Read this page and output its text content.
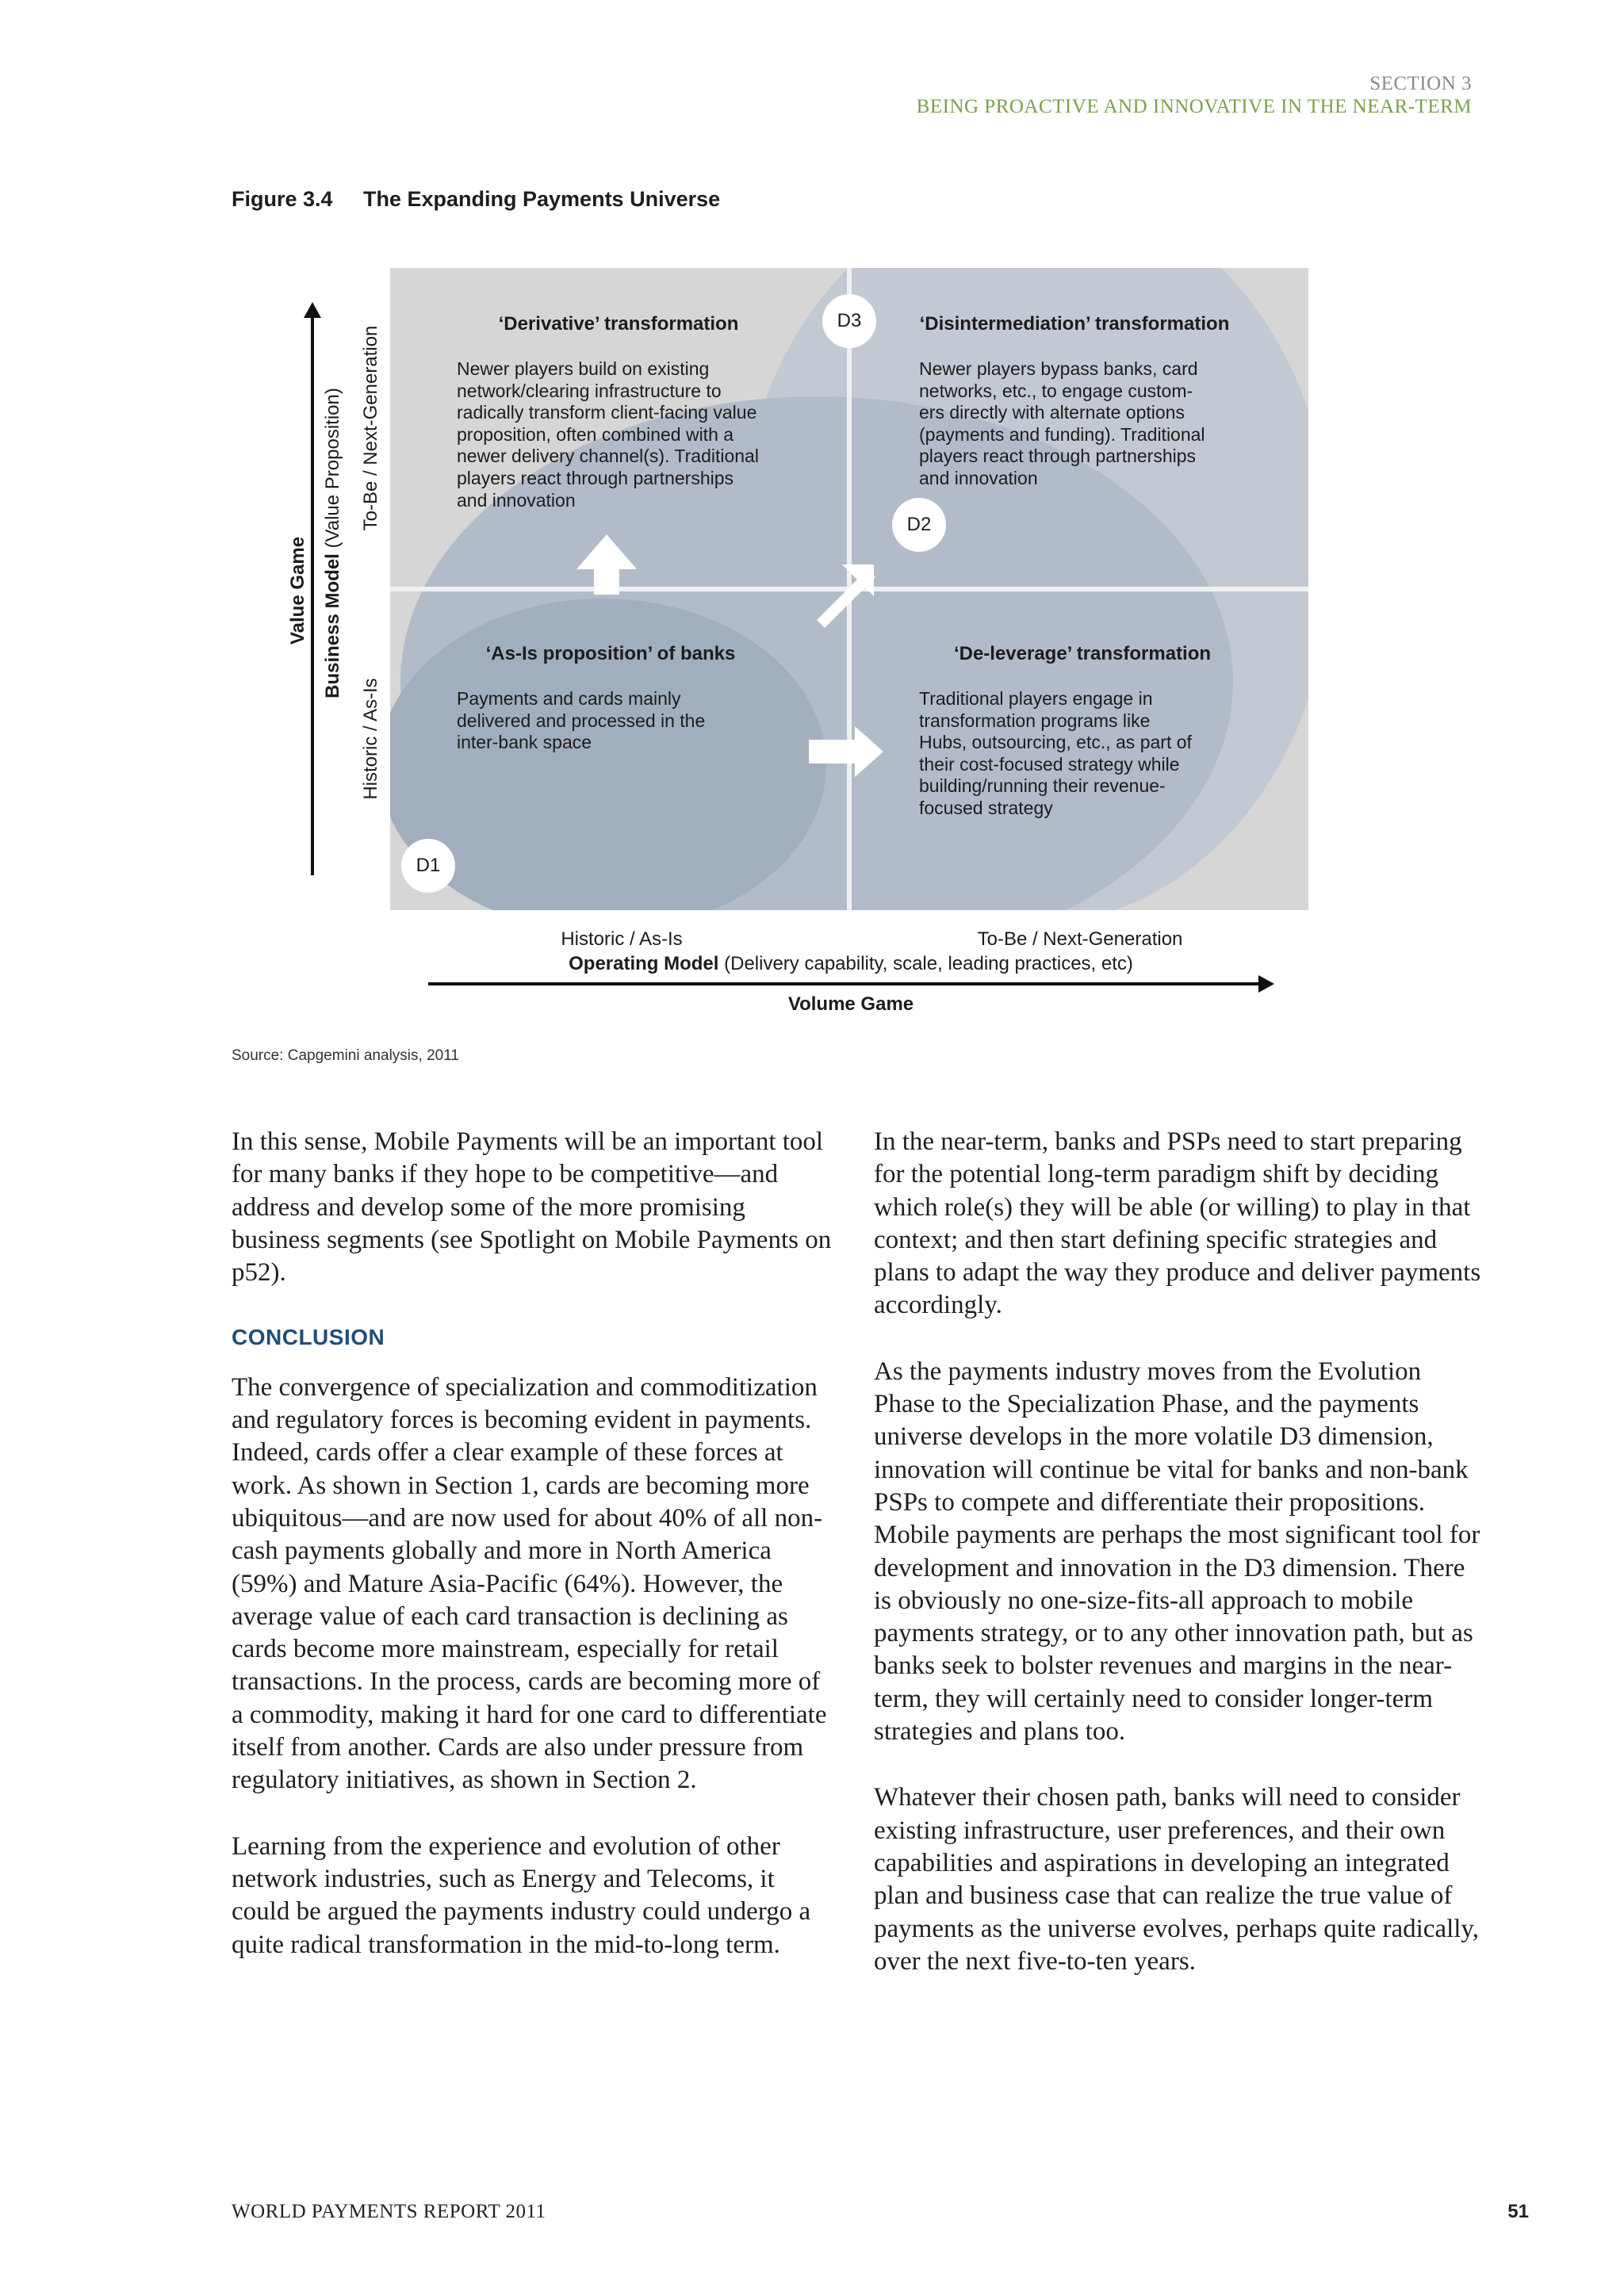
SECTION 3
BEING PROACTIVE AND INNOVATIVE IN THE NEAR-TERM
Figure 3.4 The Expanding Payments Universe
D3
D2
D1
‘Derivative’ transformation
Newer players build on existing
network/clearing infrastructure to
radically transform client-facing value
proposition, often combined with a
newer delivery channel(s). Traditional
players react through partnerships
and innovation
‘Disintermediation’ transformation
Newer players bypass banks, card
networks, etc., to engage custom-
ers directly with alternate options
(payments and funding). Traditional
players react through partnerships
and innovation
‘As-Is proposition’ of banks
Payments and cards mainly
delivered and processed in the
inter-bank space
‘De-leverage’ transformation
Traditional players engage in
transformation programs like
Hubs, outsourcing, etc., as part of
their cost-focused strategy while
building/running their revenue-
focused strategy
Value Game Business Model (Value Proposition) To-Be / Next-Generation
Historic / As-Is
Historic / As-Is	To-Be / Next-Generation
Operating Model (Delivery capability, scale, leading practices, etc)
Volume Game
Source: Capgemini analysis, 2011

In this sense, Mobile Payments will be an important tool for many banks if they hope to be competitive—and address and develop some of the more promising business segments (see Spotlight on Mobile Payments on p52).

CONCLUSION

The convergence of specialization and commoditization and regulatory forces is becoming evident in payments. Indeed, cards offer a clear example of these forces at work. As shown in Section 1, cards are becoming more ubiquitous—and are now used for about 40% of all non-cash payments globally and more in North America (59%) and Mature Asia-Pacific (64%). However, the average value of each card transaction is declining as cards become more mainstream, especially for retail transactions. In the process, cards are becoming more of a commodity, making it hard for one card to differentiate itself from another. Cards are also under pressure from regulatory initiatives, as shown in Section 2.

Learning from the experience and evolution of other network industries, such as Energy and Telecoms, it could be argued the payments industry could undergo a quite radical transformation in the mid-to-long term.

In the near-term, banks and PSPs need to start preparing for the potential long-term paradigm shift by deciding which role(s) they will be able (or willing) to play in that context; and then start defining specific strategies and plans to adapt the way they produce and deliver payments accordingly.

As the payments industry moves from the Evolution Phase to the Specialization Phase, and the payments universe develops in the more volatile D3 dimension, innovation will continue be vital for banks and non-bank PSPs to compete and differentiate their propositions. Mobile payments are perhaps the most significant tool for development and innovation in the D3 dimension. There is obviously no one-size-fits-all approach to mobile payments strategy, or to any other innovation path, but as banks seek to bolster revenues and margins in the near-term, they will certainly need to consider longer-term strategies and plans too.

Whatever their chosen path, banks will need to consider existing infrastructure, user preferences, and their own capabilities and aspirations in developing an integrated plan and business case that can realize the true value of payments as the universe evolves, perhaps quite radically, over the next five-to-ten years.

WORLD PAYMENTS REPORT 2011	51
